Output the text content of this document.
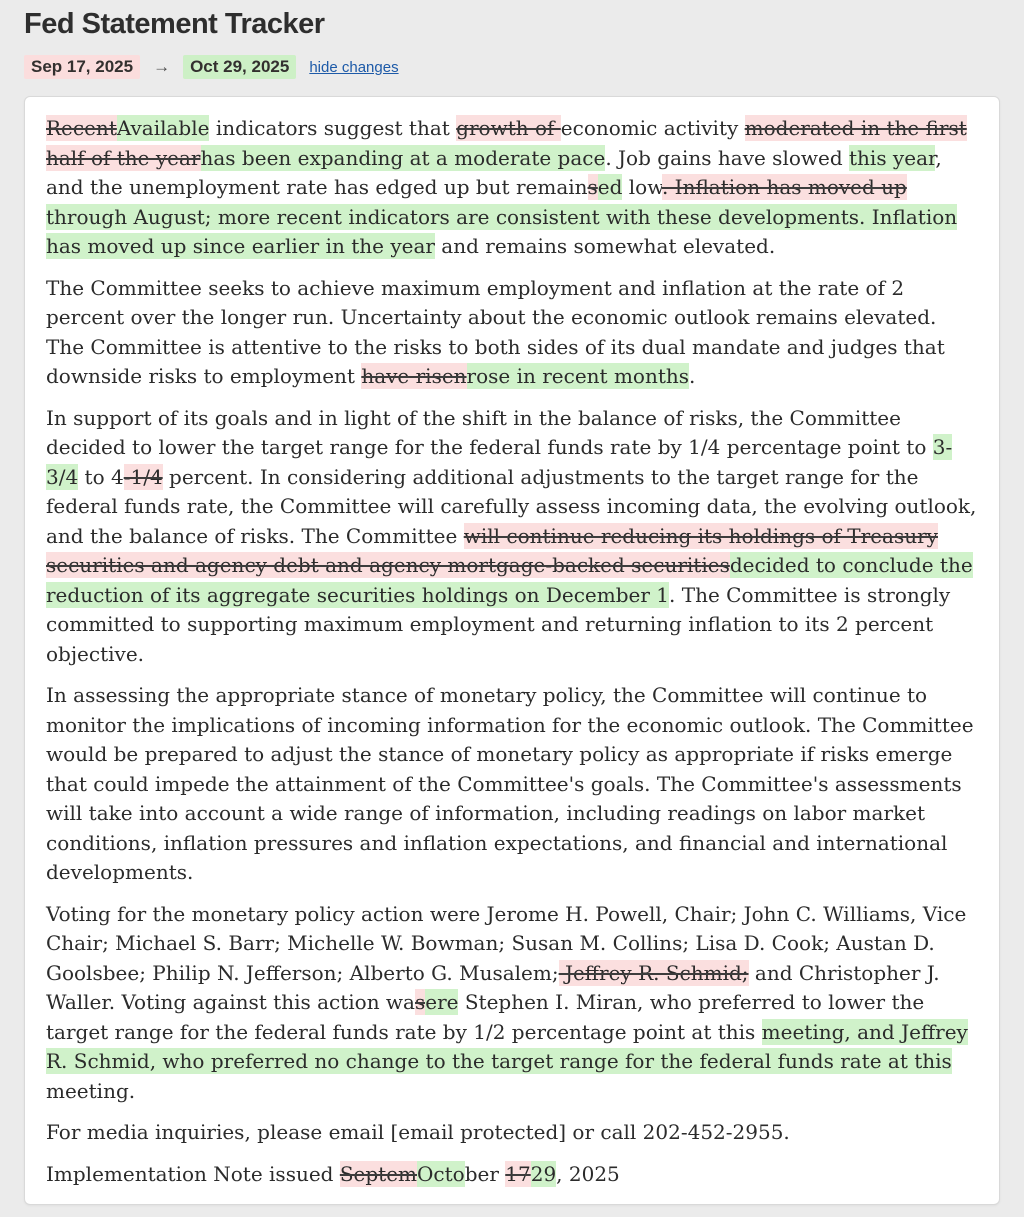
Fed Statement Tracker
Sep 17, 2025	→	Oct 29, 2025	hide changes

RecentAvailable indicators suggest that growth of economic activity moderated in the first half of the yearhas been expanding at a moderate pace. Job gains have slowed this year, and the unemployment rate has edged up but remainsed low. Inflation has moved up through August; more recent indicators are consistent with these developments. Inflation has moved up since earlier in the year and remains somewhat elevated.

The Committee seeks to achieve maximum employment and inflation at the rate of 2 percent over the longer run. Uncertainty about the economic outlook remains elevated. The Committee is attentive to the risks to both sides of its dual mandate and judges that downside risks to employment have risenrose in recent months.

In support of its goals and in light of the shift in the balance of risks, the Committee decided to lower the target range for the federal funds rate by 1/4 percentage point to 3-3/4 to 4-1/4 percent. In considering additional adjustments to the target range for the federal funds rate, the Committee will carefully assess incoming data, the evolving outlook, and the balance of risks. The Committee will continue reducing its holdings of Treasury securities and agency debt and agency mortgage-backed securitiesdecided to conclude the reduction of its aggregate securities holdings on December 1. The Committee is strongly committed to supporting maximum employment and returning inflation to its 2 percent objective.

In assessing the appropriate stance of monetary policy, the Committee will continue to monitor the implications of incoming information for the economic outlook. The Committee would be prepared to adjust the stance of monetary policy as appropriate if risks emerge that could impede the attainment of the Committee's goals. The Committee's assessments will take into account a wide range of information, including readings on labor market conditions, inflation pressures and inflation expectations, and financial and international developments.

Voting for the monetary policy action were Jerome H. Powell, Chair; John C. Williams, Vice Chair; Michael S. Barr; Michelle W. Bowman; Susan M. Collins; Lisa D. Cook; Austan D. Goolsbee; Philip N. Jefferson; Alberto G. Musalem; Jeffrey R. Schmid; and Christopher J. Waller. Voting against this action wasere Stephen I. Miran, who preferred to lower the target range for the federal funds rate by 1/2 percentage point at this meeting, and Jeffrey R. Schmid, who preferred no change to the target range for the federal funds rate at this meeting.

For media inquiries, please email [email protected] or call 202-452-2955.

Implementation Note issued SeptemOctober 1729, 2025
